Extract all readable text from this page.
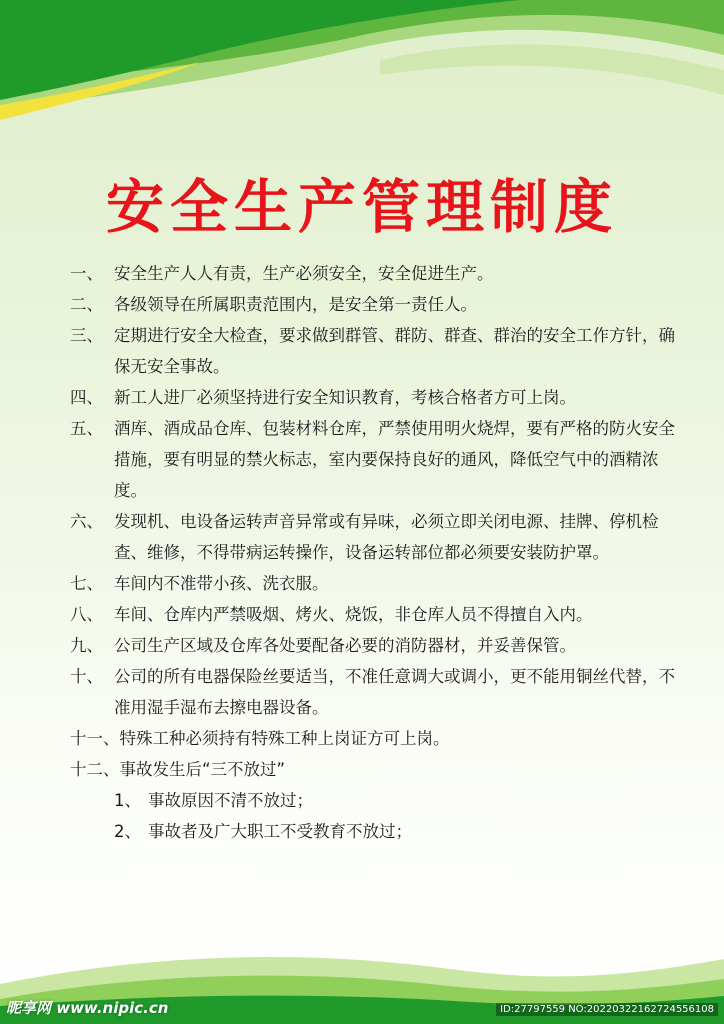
安全生产管理制度
一、 安全生产人人有责，生产必须安全，安全促进生产。
二、 各级领导在所属职责范围内，是安全第一责任人。
三、 定期进行安全大检查，要求做到群管、群防、群查、群治的安全工作方针，确保无安全事故。
四、 新工人进厂必须坚持进行安全知识教育，考核合格者方可上岗。
五、 酒库、酒成品仓库、包装材料仓库，严禁使用明火烧焊，要有严格的防火安全措施，要有明显的禁火标志，室内要保持良好的通风，降低空气中的酒精浓度。
六、 发现机、电设备运转声音异常或有异味，必须立即关闭电源、挂牌、停机检查、维修，不得带病运转操作，设备运转部位都必须要安装防护罩。
七、 车间内不准带小孩、洗衣服。
八、 车间、仓库内严禁吸烟、烤火、烧饭，非仓库人员不得擅自入内。
九、 公司生产区域及仓库各处要配备必要的消防器材，并妥善保管。
十、 公司的所有电器保险丝要适当，不准任意调大或调小，更不能用铜丝代替，不准用湿手湿布去擦电器设备。
十一、特殊工种必须持有特殊工种上岗证方可上岗。
十二、事故发生后“三不放过”
1、 事故原因不清不放过；
2、 事故者及广大职工不受教育不放过；
昵享网 www.nipic.cn	ID:27797559 NO:20220322162724556108
